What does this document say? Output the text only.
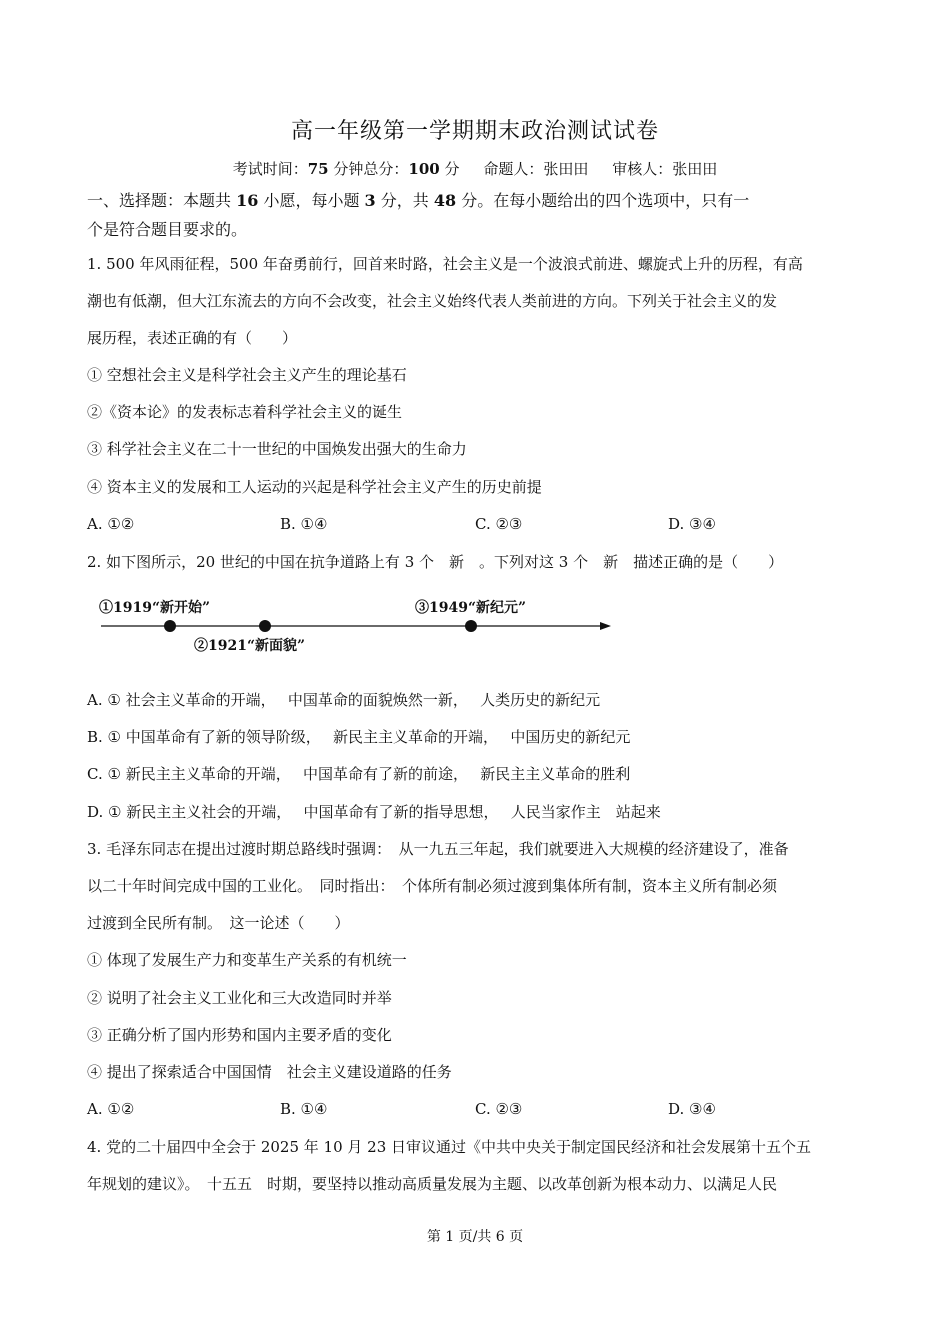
高一年级第一学期期末政治测试试卷
考试时间：75 分钟总分：100 分 命题人：张田田 审核人：张田田
一、选择题：本题共 16 小愿，每小题 3 分，共 48 分。在每小题给出的四个选项中，只有一
个是符合题目要求的。
1. 500 年风雨征程，500 年奋勇前行，回首来时路，社会主义是一个波浪式前进、螺旋式上升的历程，有高
潮也有低潮，但大江东流去的方向不会改变，社会主义始终代表人类前进的方向。下列关于社会主义的发
展历程，表述正确的有（　　）
① 空想社会主义是科学社会主义产生的理论基石
②《资本论》的发表标志着科学社会主义的诞生
③ 科学社会主义在二十一世纪的中国焕发出强大的生命力
④ 资本主义的发展和工人运动的兴起是科学社会主义产生的历史前提
A. ①②	B. ①④	C. ②③	D. ③④
2. 如下图所示，20 世纪的中国在抗争道路上有 3 个　新　。下列对这 3 个　新　描述正确的是（　　）
①1919“新开始”
②1921“新面貌”
③1949“新纪元”
A. ① 社会主义革命的开端，　 中国革命的面貌焕然一新，　 人类历史的新纪元
B. ① 中国革命有了新的领导阶级，　 新民主主义革命的开端，　 中国历史的新纪元
C. ① 新民主主义革命的开端，　 中国革命有了新的前途，　 新民主主义革命的胜利
D. ① 新民主主义社会的开端，　 中国革命有了新的指导思想，　 人民当家作主　站起来
3. 毛泽东同志在提出过渡时期总路线时强调：　从一九五三年起，我们就要进入大规模的经济建设了，准备
以二十年时间完成中国的工业化。　同时指出：　个体所有制必须过渡到集体所有制，资本主义所有制必须
过渡到全民所有制。　这一论述（　　）
① 体现了发展生产力和变革生产关系的有机统一
② 说明了社会主义工业化和三大改造同时并举
③ 正确分析了国内形势和国内主要矛盾的变化
④ 提出了探索适合中国国情　社会主义建设道路的任务
A. ①②	B. ①④	C. ②③	D. ③④
4. 党的二十届四中全会于 2025 年 10 月 23 日审议通过《中共中央关于制定国民经济和社会发展第十五个五
年规划的建议》。　十五五　时期，要坚持以推动高质量发展为主题、以改革创新为根本动力、以满足人民
第 1 页/共 6 页
